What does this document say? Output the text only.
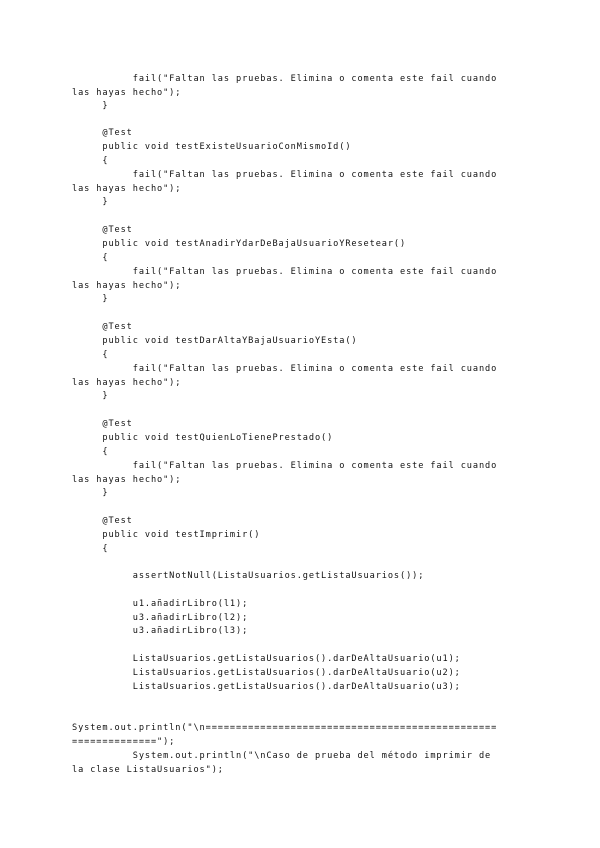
fail("Faltan las pruebas. Elimina o comenta este fail cuando
las hayas hecho");
}
@Test
public void testExisteUsuarioConMismoId()
{
fail("Faltan las pruebas. Elimina o comenta este fail cuando
las hayas hecho");
}
@Test
public void testAnadirYdarDeBajaUsuarioYResetear()
{
fail("Faltan las pruebas. Elimina o comenta este fail cuando
las hayas hecho");
}
@Test
public void testDarAltaYBajaUsuarioYEsta()
{
fail("Faltan las pruebas. Elimina o comenta este fail cuando
las hayas hecho");
}
@Test
public void testQuienLoTienePrestado()
{
fail("Faltan las pruebas. Elimina o comenta este fail cuando
las hayas hecho");
}
@Test
public void testImprimir()
{
assertNotNull(ListaUsuarios.getListaUsuarios());
u1.añadirLibro(l1);
u3.añadirLibro(l2);
u3.añadirLibro(l3);
ListaUsuarios.getListaUsuarios().darDeAltaUsuario(u1);
ListaUsuarios.getListaUsuarios().darDeAltaUsuario(u2);
ListaUsuarios.getListaUsuarios().darDeAltaUsuario(u3);
System.out.println("\n================================================
==============");
System.out.println("\nCaso de prueba del método imprimir de
la clase ListaUsuarios");
